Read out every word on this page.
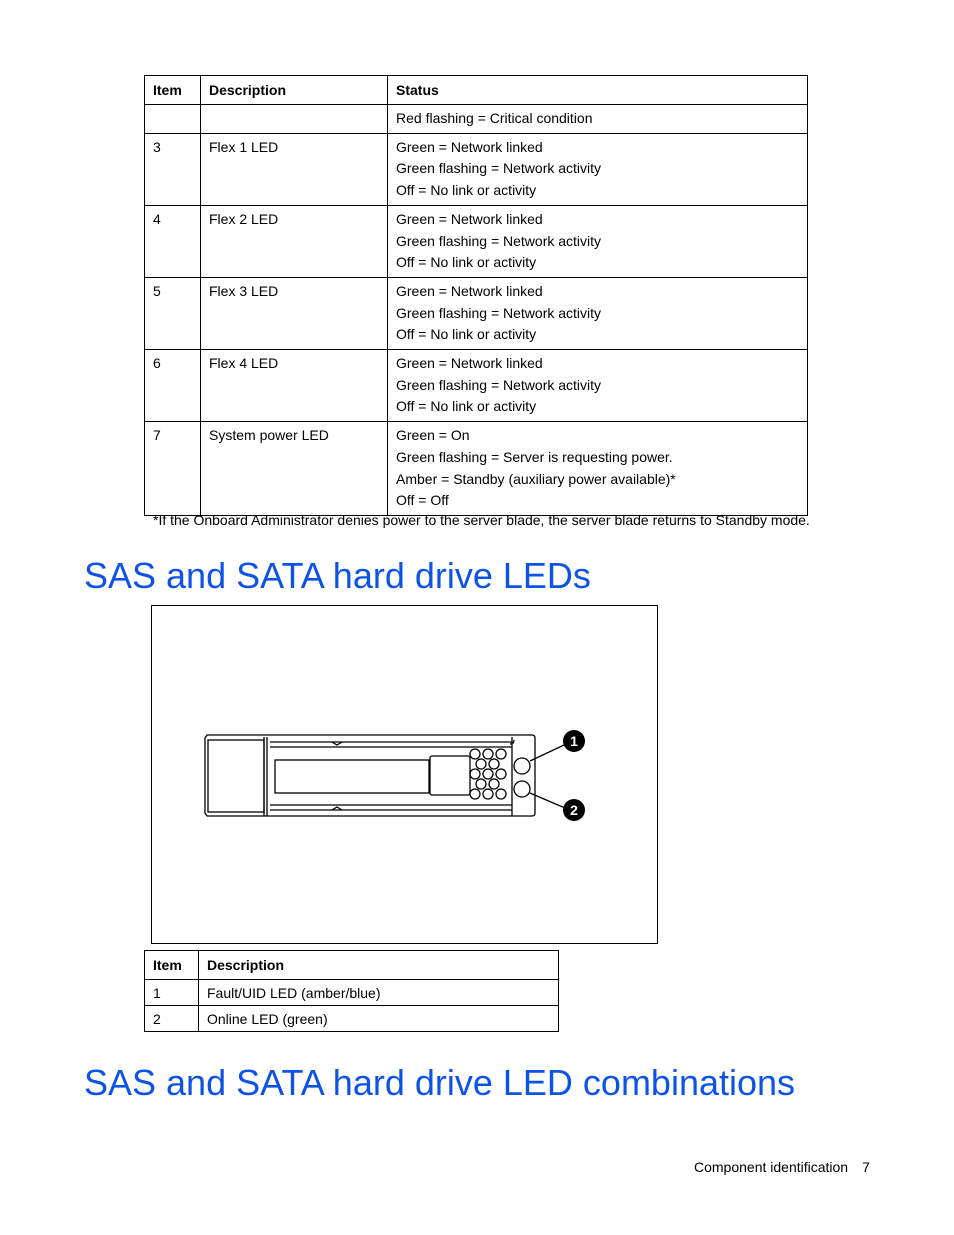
Item	Description	Status

		Red flashing = Critical condition

3	Flex 1 LED	Green = Network linked
Green flashing = Network activity
Off = No link or activity

4	Flex 2 LED	Green = Network linked
Green flashing = Network activity
Off = No link or activity

5	Flex 3 LED	Green = Network linked
Green flashing = Network activity
Off = No link or activity

6	Flex 4 LED	Green = Network linked
Green flashing = Network activity
Off = No link or activity

7	System power LED	Green = On
Green flashing = Server is requesting power.
Amber = Standby (auxiliary power available)*
Off = Off
*If the Onboard Administrator denies power to the server blade, the server blade returns to Standby mode.
SAS and SATA hard drive LEDs
1
2
Item	Description
1	Fault/UID LED (amber/blue)
2	Online LED (green)
SAS and SATA hard drive LED combinations
Component identification 7
